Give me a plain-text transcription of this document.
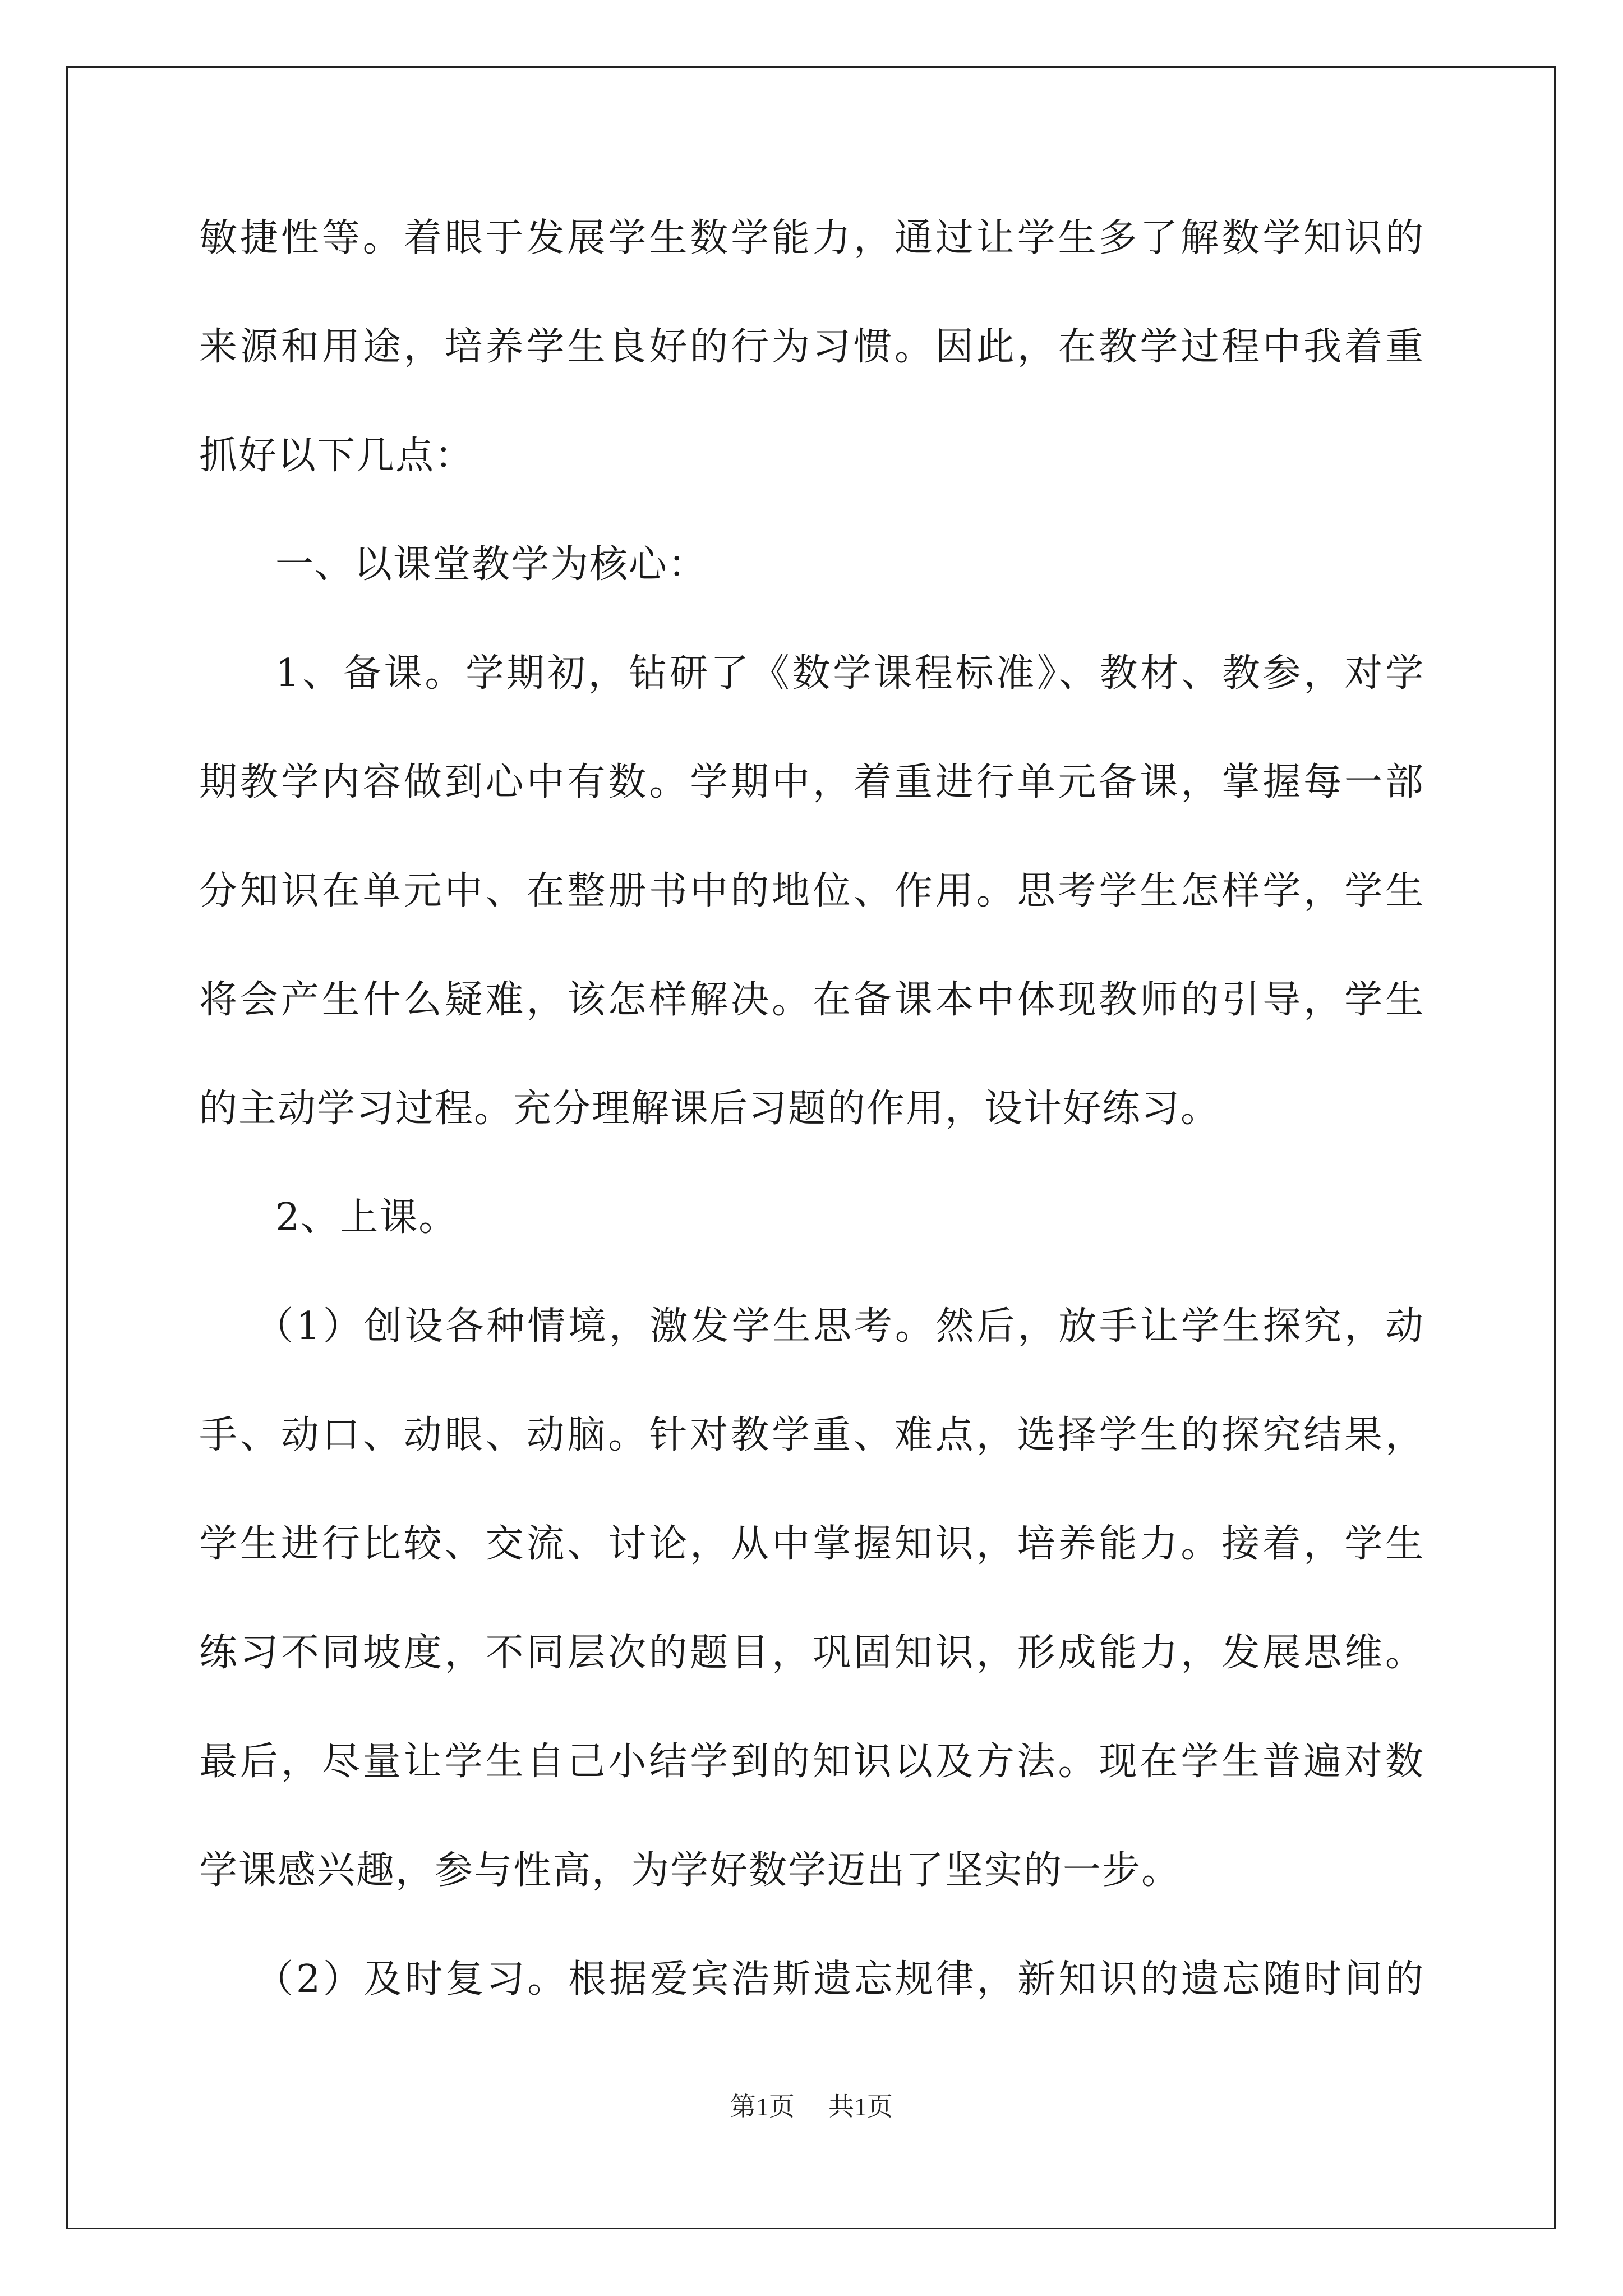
敏捷性等。着眼于发展学生数学能力，通过让学生多了解数学知识的
来源和用途，培养学生良好的行为习惯。因此，在教学过程中我着重
抓好以下几点：
一、以课堂教学为核心：
1、备课。学期初，钻研了《数学课程标准》、教材、教参，对学
期教学内容做到心中有数。学期中，着重进行单元备课，掌握每一部
分知识在单元中、在整册书中的地位、作用。思考学生怎样学，学生
将会产生什么疑难，该怎样解决。在备课本中体现教师的引导，学生
的主动学习过程。充分理解课后习题的作用，设计好练习。
2、上课。
（1）创设各种情境，激发学生思考。然后，放手让学生探究，动
手、动口、动眼、动脑。针对教学重、难点，选择学生的探究结果，
学生进行比较、交流、讨论，从中掌握知识，培养能力。接着，学生
练习不同坡度，不同层次的题目，巩固知识，形成能力，发展思维。
最后，尽量让学生自己小结学到的知识以及方法。现在学生普遍对数
学课感兴趣，参与性高，为学好数学迈出了坚实的一步。
（2）及时复习。根据爱宾浩斯遗忘规律，新知识的遗忘随时间的
第1页 共1页
